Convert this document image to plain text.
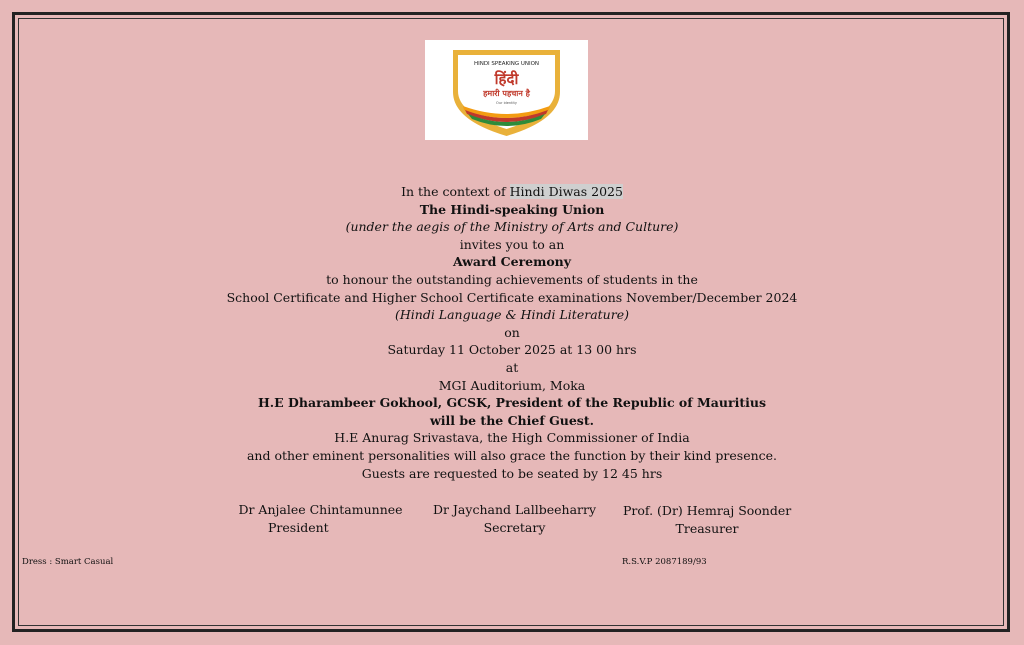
HINDI SPEAKING UNION
हिंदी
हमारी पहचान है
Our identity
In the context of Hindi Diwas 2025
The Hindi-speaking Union
(under the aegis of the Ministry of Arts and Culture)
invites you to an
Award Ceremony
to honour the outstanding achievements of students in the
School Certificate and Higher School Certificate examinations November/December 2024
(Hindi Language & Hindi Literature)
on
Saturday 11 October 2025 at 13 00 hrs
at
MGI Auditorium, Moka
H.E Dharambeer Gokhool, GCSK, President of the Republic of Mauritius
will be the Chief Guest.
H.E Anurag Srivastava, the High Commissioner of India
and other eminent personalities will also grace the function by their kind presence.
Guests are requested to be seated by 12 45 hrs
Dr Anjalee Chintamunnee
President
Dr Jaychand Lallbeeharry
Secretary
Prof. (Dr) Hemraj Soonder
Treasurer
Dress : Smart Casual	R.S.V.P 2087189/93
